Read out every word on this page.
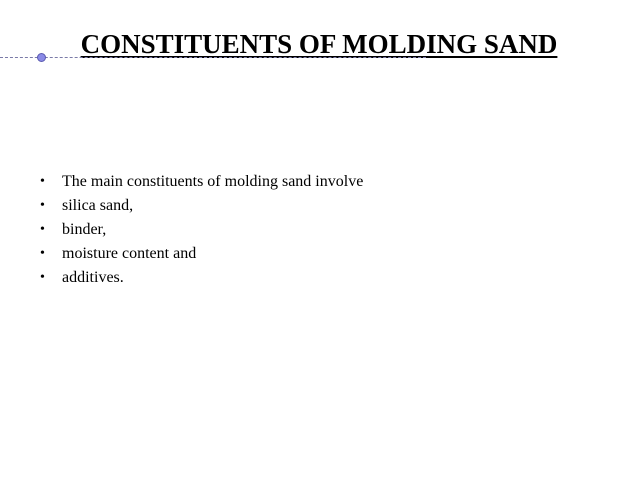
CONSTITUENTS OF MOLDING SAND
• The main constituents of molding sand involve
• silica sand,
• binder,
• moisture content and
• additives.
